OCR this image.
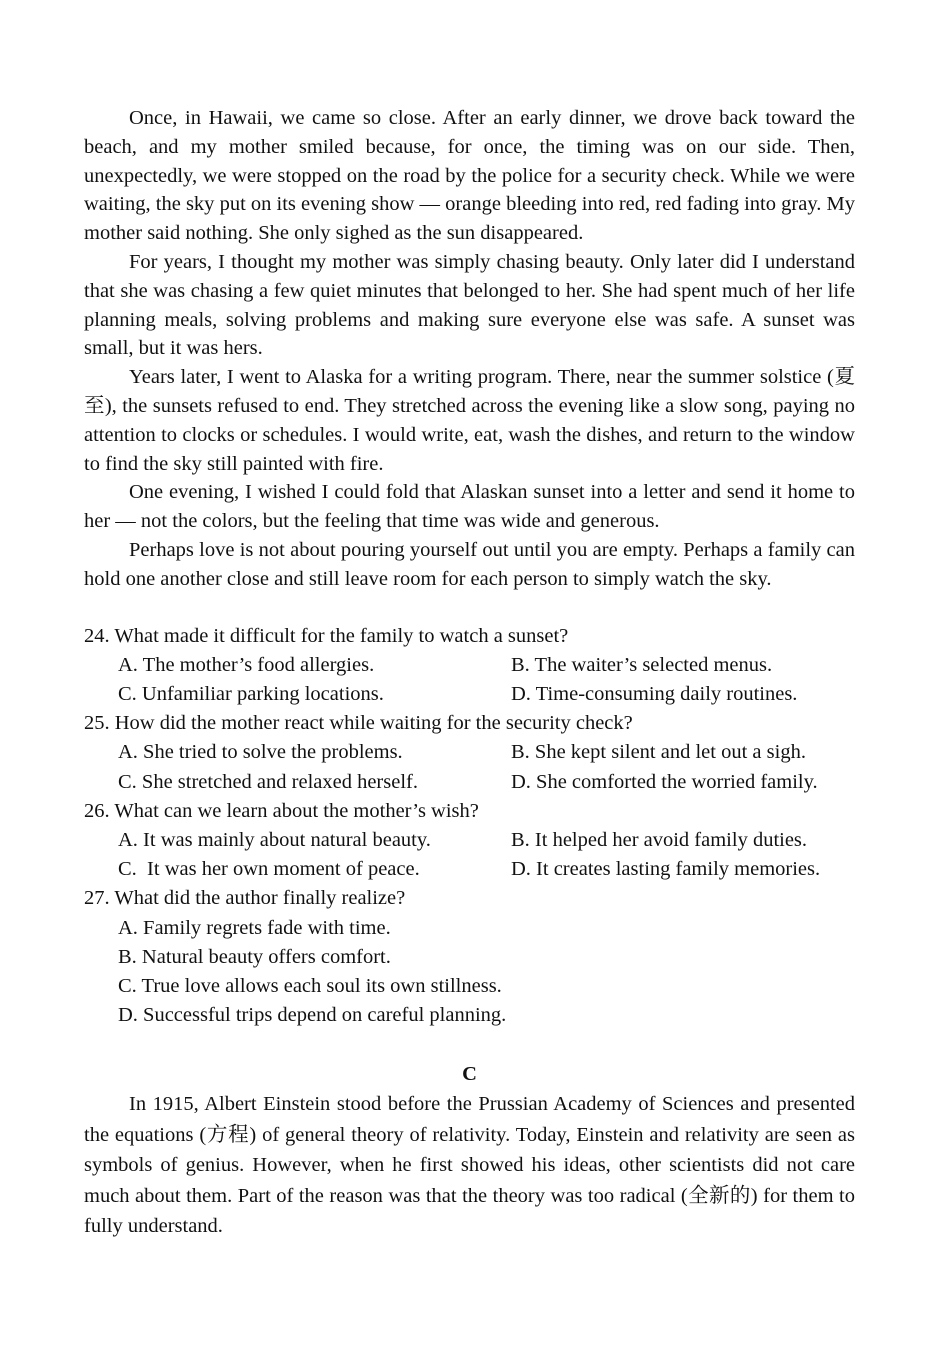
Once, in Hawaii, we came so close. After an early dinner, we drove back toward the beach, and my mother smiled because, for once, the timing was on our side. Then, unexpectedly, we were stopped on the road by the police for a security check. While we were waiting, the sky put on its evening show — orange bleeding into red, red fading into gray. My mother said nothing. She only sighed as the sun disappeared.

For years, I thought my mother was simply chasing beauty. Only later did I understand that she was chasing a few quiet minutes that belonged to her. She had spent much of her life planning meals, solving problems and making sure everyone else was safe. A sunset was small, but it was hers.

Years later, I went to Alaska for a writing program. There, near the summer solstice (夏至), the sunsets refused to end. They stretched across the evening like a slow song, paying no attention to clocks or schedules. I would write, eat, wash the dishes, and return to the window to find the sky still painted with fire.

One evening, I wished I could fold that Alaskan sunset into a letter and send it home to her — not the colors, but the feeling that time was wide and generous.

Perhaps love is not about pouring yourself out until you are empty. Perhaps a family can hold one another close and still leave room for each person to simply watch the sky.

24. What made it difficult for the family to watch a sunset?

A. The mother’s food allergies.	B. The waiter’s selected menus.
C. Unfamiliar parking locations.	D. Time-consuming daily routines.

25. How did the mother react while waiting for the security check?

A. She tried to solve the problems.	B. She kept silent and let out a sigh.
C. She stretched and relaxed herself.	D. She comforted the worried family.

26. What can we learn about the mother’s wish?

A. It was mainly about natural beauty.	B. It helped her avoid family duties.
C.  It was her own moment of peace.	D. It creates lasting family memories.

27. What did the author finally realize?

A. Family regrets fade with time.
B. Natural beauty offers comfort.
C. True love allows each soul its own stillness.
D. Successful trips depend on careful planning.
C

In 1915, Albert Einstein stood before the Prussian Academy of Sciences and presented the equations (方程) of general theory of relativity. Today, Einstein and relativity are seen as symbols of genius. However, when he first showed his ideas, other scientists did not care much about them. Part of the reason was that the theory was too radical (全新的) for them to fully understand.
